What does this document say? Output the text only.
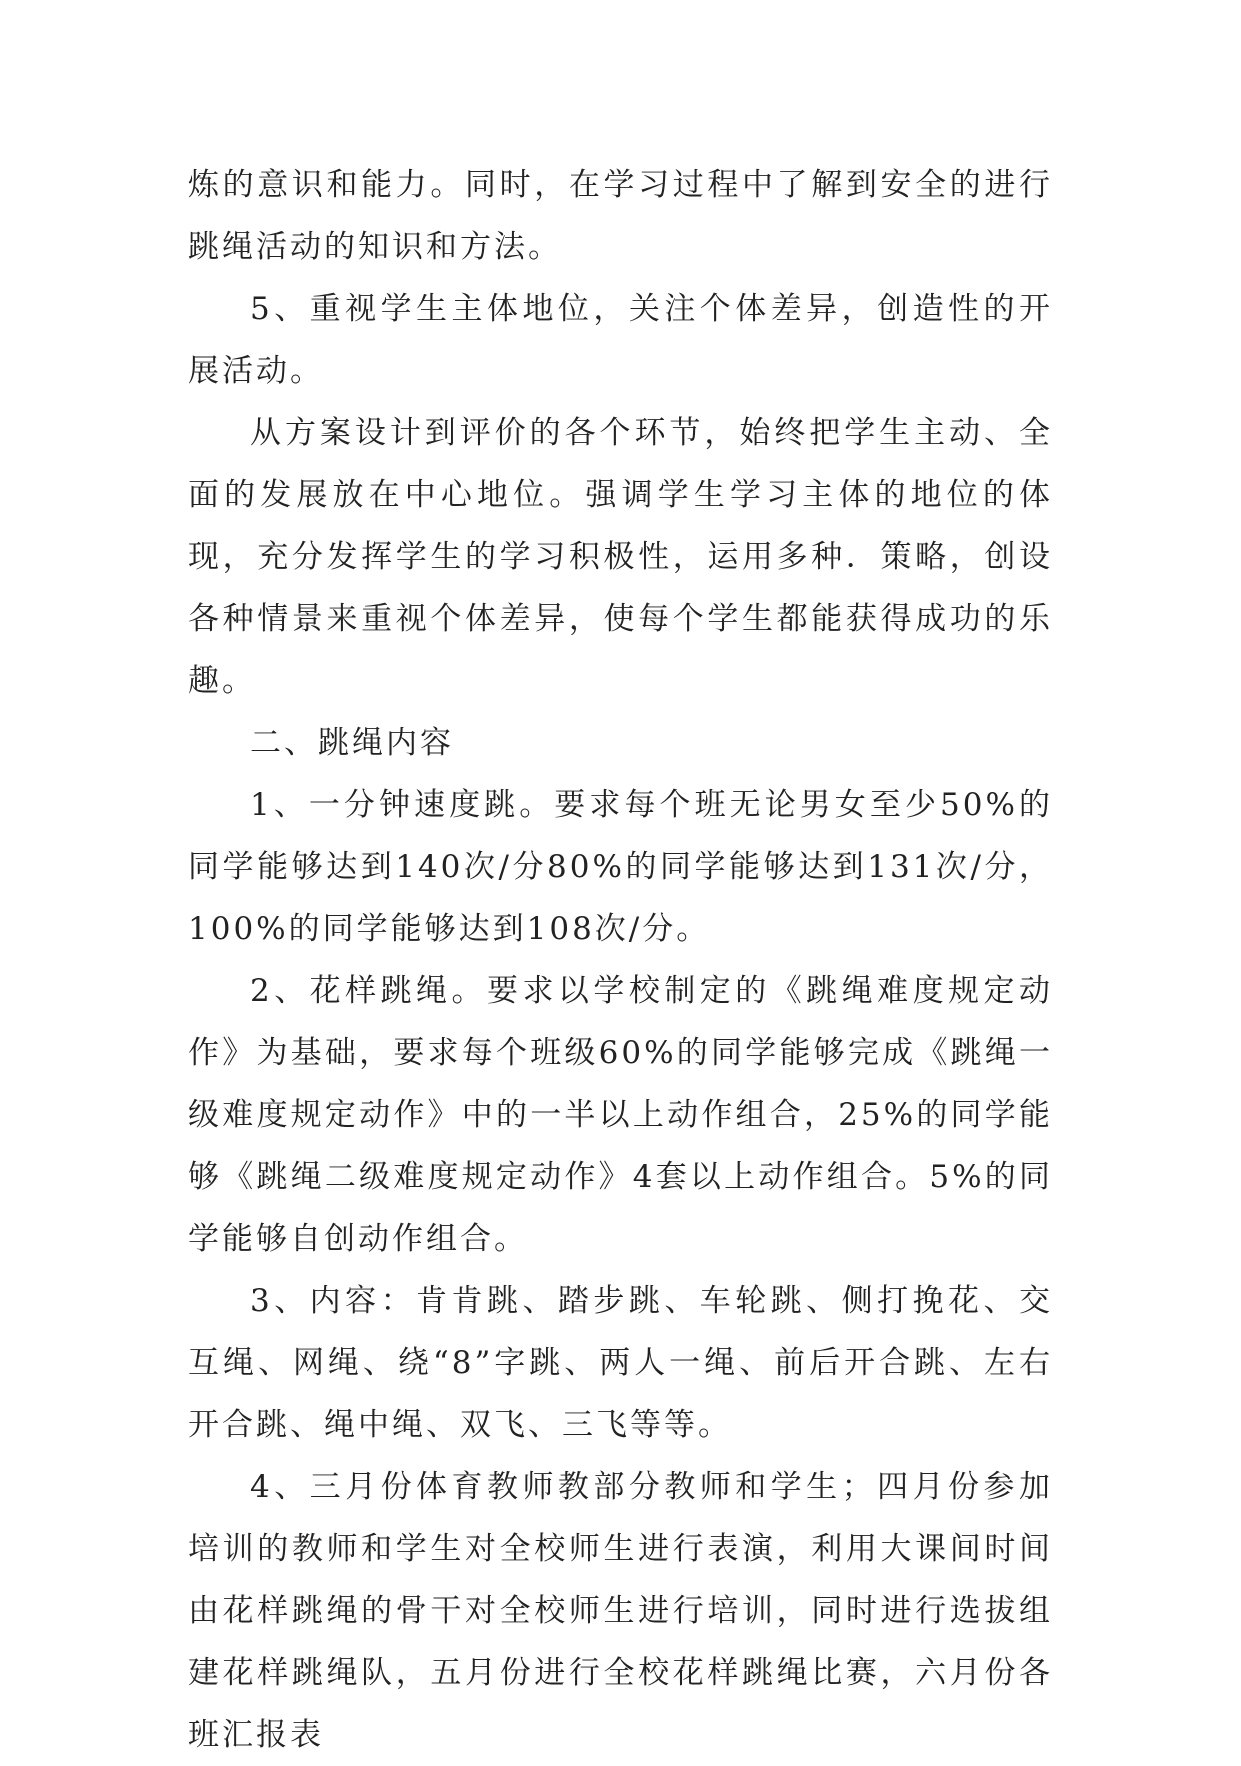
炼的意识和能力。同时，在学习过程中了解到安全的进行跳绳活动的知识和方法。

5、重视学生主体地位，关注个体差异，创造性的开展活动。

从方案设计到评价的各个环节，始终把学生主动、全面的发展放在中心地位。强调学生学习主体的地位的体现，充分发挥学生的学习积极性，运用多种．策略，创设各种情景来重视个体差异，使每个学生都能获得成功的乐趣。

二、跳绳内容

1、一分钟速度跳。要求每个班无论男女至少50%的同学能够达到140次/分80%的同学能够达到131次/分，100%的同学能够达到108次/分。

2、花样跳绳。要求以学校制定的《跳绳难度规定动作》为基础，要求每个班级60%的同学能够完成《跳绳一级难度规定动作》中的一半以上动作组合，25%的同学能够《跳绳二级难度规定动作》4套以上动作组合。5%的同学能够自创动作组合。

3、内容：肯肯跳、踏步跳、车轮跳、侧打挽花、交互绳、网绳、绕“8”字跳、两人一绳、前后开合跳、左右开合跳、绳中绳、双飞、三飞等等。

4、三月份体育教师教部分教师和学生；四月份参加培训的教师和学生对全校师生进行表演，利用大课间时间由花样跳绳的骨干对全校师生进行培训，同时进行选拔组建花样跳绳队，五月份进行全校花样跳绳比赛，六月份各班汇报表
